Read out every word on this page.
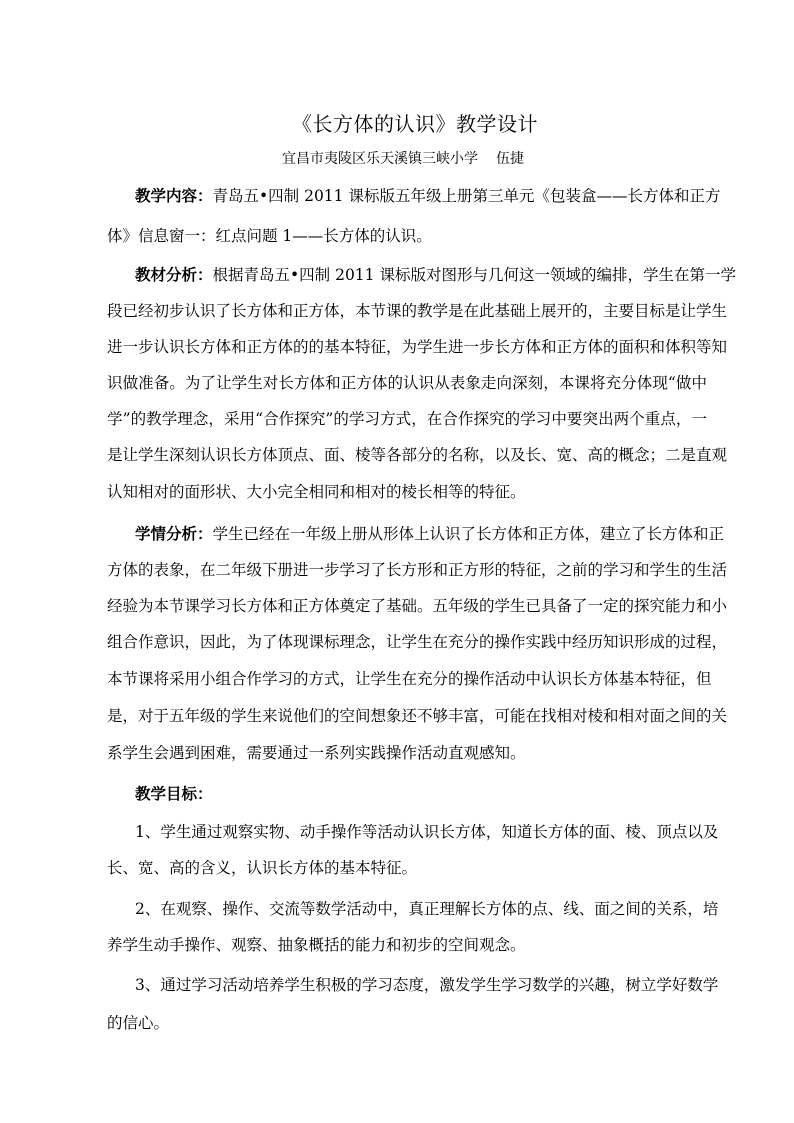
《长方体的认识》教学设计
宜昌市夷陵区乐天溪镇三峡小学 伍捷
教学内容：青岛五•四制 2011 课标版五年级上册第三单元《包装盒——长方体和正方
体》信息窗一：红点问题 1——长方体的认识。
教材分析：根据青岛五•四制 2011 课标版对图形与几何这一领域的编排，学生在第一学
段已经初步认识了长方体和正方体，本节课的教学是在此基础上展开的，主要目标是让学生
进一步认识长方体和正方体的的基本特征，为学生进一步长方体和正方体的面积和体积等知
识做准备。为了让学生对长方体和正方体的认识从表象走向深刻，本课将充分体现“做中
学”的教学理念，采用“合作探究”的学习方式，在合作探究的学习中要突出两个重点，一
是让学生深刻认识长方体顶点、面、棱等各部分的名称，以及长、宽、高的概念；二是直观
认知相对的面形状、大小完全相同和相对的棱长相等的特征。
学情分析：学生已经在一年级上册从形体上认识了长方体和正方体，建立了长方体和正
方体的表象，在二年级下册进一步学习了长方形和正方形的特征，之前的学习和学生的生活
经验为本节课学习长方体和正方体奠定了基础。五年级的学生已具备了一定的探究能力和小
组合作意识，因此，为了体现课标理念，让学生在充分的操作实践中经历知识形成的过程，
本节课将采用小组合作学习的方式，让学生在充分的操作活动中认识长方体基本特征，但
是，对于五年级的学生来说他们的空间想象还不够丰富，可能在找相对棱和相对面之间的关
系学生会遇到困难，需要通过一系列实践操作活动直观感知。
教学目标：
1、学生通过观察实物、动手操作等活动认识长方体，知道长方体的面、棱、顶点以及
长、宽、高的含义，认识长方体的基本特征。
2、在观察、操作、交流等数学活动中，真正理解长方体的点、线、面之间的关系，培
养学生动手操作、观察、抽象概括的能力和初步的空间观念。
3、通过学习活动培养学生积极的学习态度，激发学生学习数学的兴趣，树立学好数学
的信心。
